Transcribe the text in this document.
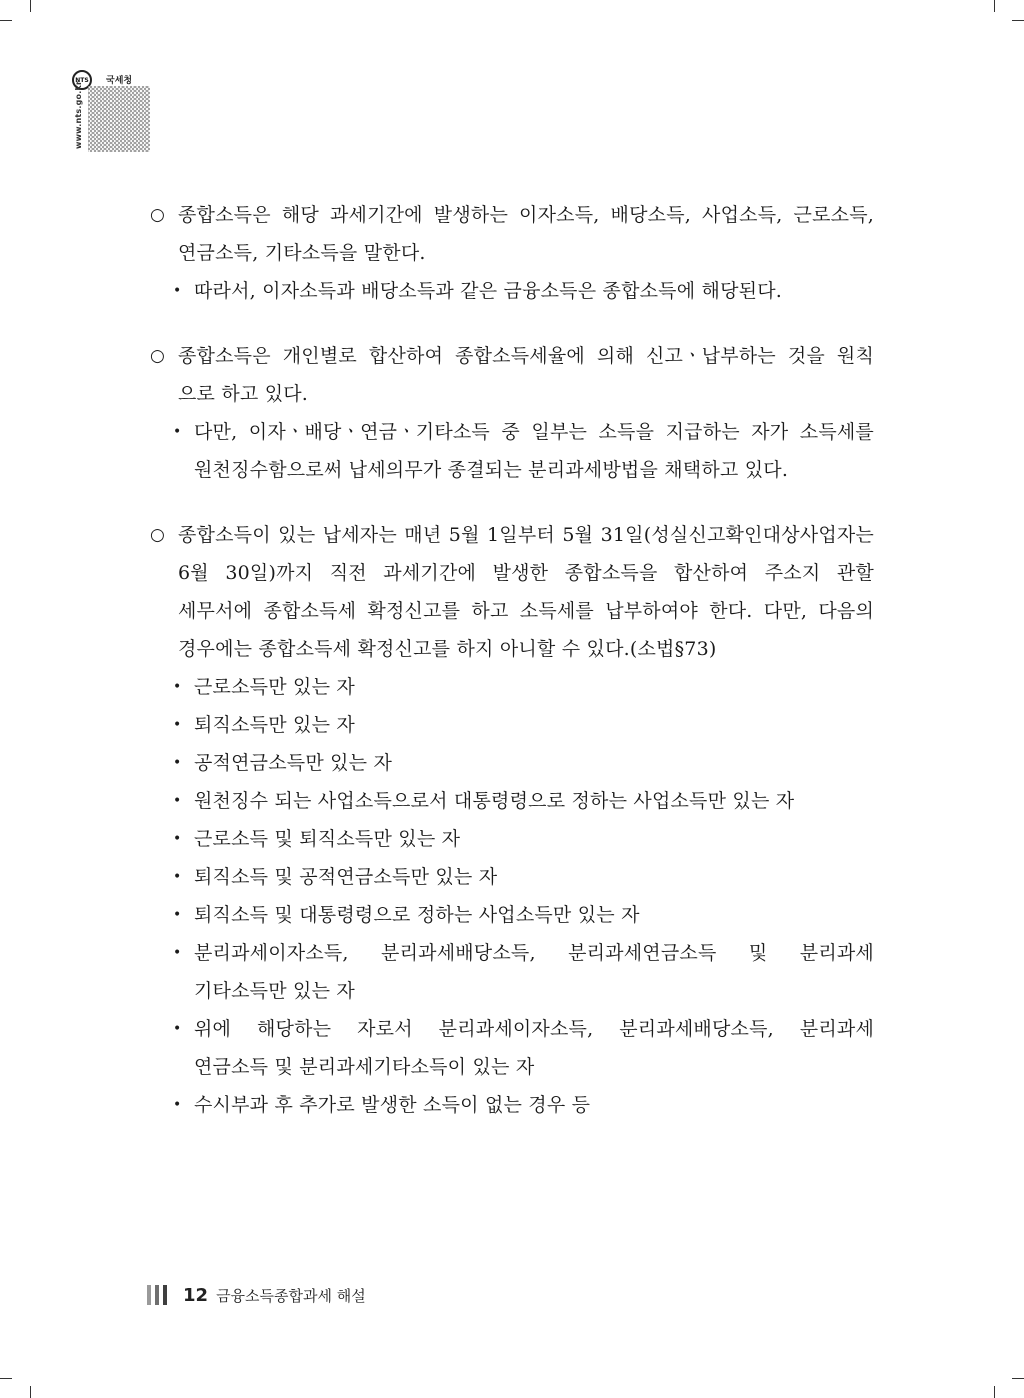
NTS	국세청
www.nts.go.kr
○ 종합소득은 해당 과세기간에 발생하는 이자소득, 배당소득, 사업소득, 근로소득,
연금소득, 기타소득을 말한다.
• 따라서, 이자소득과 배당소득과 같은 금융소득은 종합소득에 해당된다.
○ 종합소득은 개인별로 합산하여 종합소득세율에 의해 신고ㆍ납부하는 것을 원칙
으로 하고 있다.
• 다만, 이자ㆍ배당ㆍ연금ㆍ기타소득 중 일부는 소득을 지급하는 자가 소득세를
원천징수함으로써 납세의무가 종결되는 분리과세방법을 채택하고 있다.
○ 종합소득이 있는 납세자는 매년 5월 1일부터 5월 31일(성실신고확인대상사업자는
6월 30일)까지 직전 과세기간에 발생한 종합소득을 합산하여 주소지 관할
세무서에 종합소득세 확정신고를 하고 소득세를 납부하여야 한다. 다만, 다음의
경우에는 종합소득세 확정신고를 하지 아니할 수 있다.(소법§73)
• 근로소득만 있는 자
• 퇴직소득만 있는 자
• 공적연금소득만 있는 자
• 원천징수 되는 사업소득으로서 대통령령으로 정하는 사업소득만 있는 자
• 근로소득 및 퇴직소득만 있는 자
• 퇴직소득 및 공적연금소득만 있는 자
• 퇴직소득 및 대통령령으로 정하는 사업소득만 있는 자
• 분리과세이자소득, 분리과세배당소득, 분리과세연금소득 및 분리과세
기타소득만 있는 자
• 위에 해당하는 자로서 분리과세이자소득, 분리과세배당소득, 분리과세
연금소득 및 분리과세기타소득이 있는 자
• 수시부과 후 추가로 발생한 소득이 없는 경우 등
12 금융소득종합과세 해설
